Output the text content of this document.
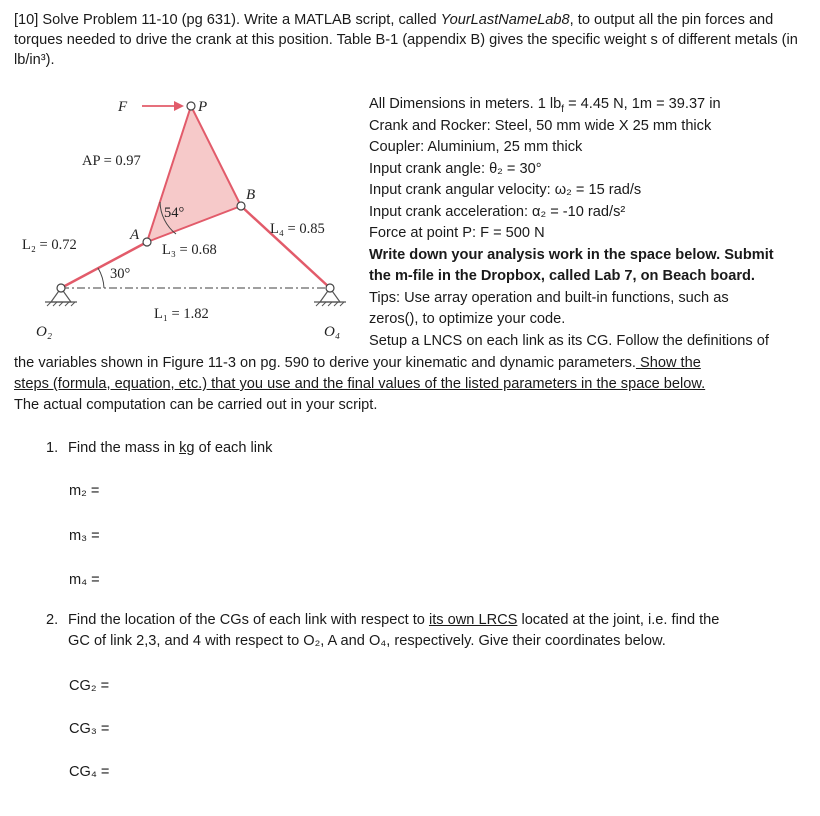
[10] Solve Problem 11-10 (pg 631). Write a MATLAB script, called YourLastNameLab8, to output all the pin forces and torques needed to drive the crank at this position. Table B-1 (appendix B) gives the specific weight s of different metals (in lb/in³).
F	P
AP = 0.97
54°
B
A	L₄ = 0.85
L₂ = 0.72	L₃ = 0.68
30°
L₁ = 1.82
O₂	O₄
All Dimensions in meters. 1 $lb_f = 4.45$ N, 1m = 39.37 in
Crank and Rocker: Steel, 50 mm wide X 25 mm thick
Coupler: Aluminium, 25 mm thick
Input crank angle: θ₂ = 30°
Input crank angular velocity: ω₂ = 15 rad/s
Input crank acceleration: α₂ = -10 rad/s²
Force at point P: F = 500 N
Write down your analysis work in the space below. Submit
the m-file in the Dropbox, called Lab 7, on Beach board.
Tips: Use array operation and built-in functions, such as
zeros(), to optimize your code.
Setup a LNCS on each link as its CG. Follow the definitions of
the variables shown in Figure 11-3 on pg. 590 to derive your kinematic and dynamic parameters. Show the
steps (formula, equation, etc.) that you use and the final values of the listed parameters in the space below.
The actual computation can be carried out in your script.
1. Find the mass in kg of each link
m₂ =
m₃ =
m₄ =
2. Find the location of the CGs of each link with respect to its own LRCS located at the joint, i.e. find the
GC of link 2,3, and 4 with respect to O₂, A and O₄, respectively. Give their coordinates below.
CG₂ =
CG₃ =
CG₄ =
